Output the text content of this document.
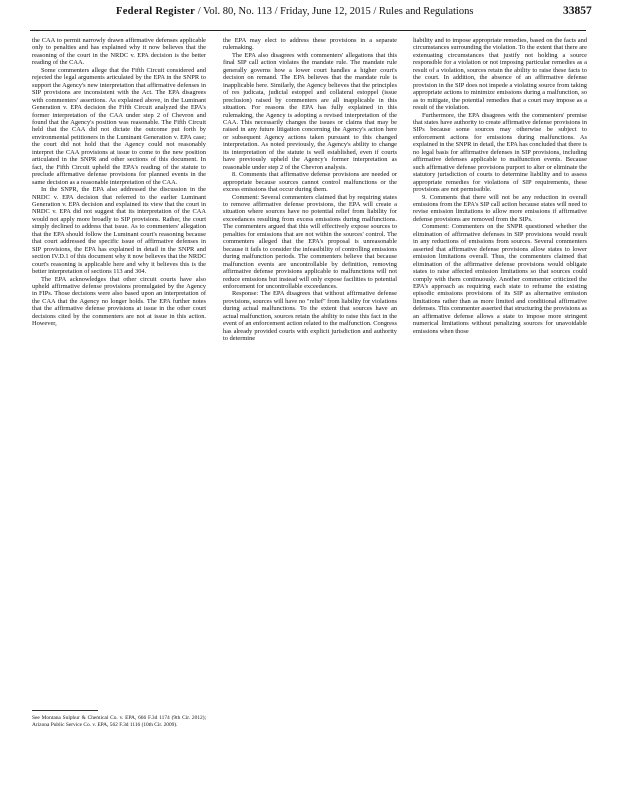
Federal Register / Vol. 80, No. 113 / Friday, June 12, 2015 / Rules and Regulations	33857

the CAA to permit narrowly drawn affirmative defenses applicable only to penalties and has explained why it now believes that the reasoning of the court in the NRDC v. EPA decision is the better reading of the CAA.

Some commenters allege that the Fifth Circuit considered and rejected the legal arguments articulated by the EPA in the SNPR to support the Agency's new interpretation that affirmative defenses in SIP provisions are inconsistent with the Act. The EPA disagrees with commenters' assertions. As explained above, in the Luminant Generation v. EPA decision the Fifth Circuit analyzed the EPA's former interpretation of the CAA under step 2 of Chevron and found that the Agency's position was reasonable. The Fifth Circuit held that the CAA did not dictate the outcome put forth by environmental petitioners in the Luminant Generation v. EPA case; the court did not hold that the Agency could not reasonably interpret the CAA provisions at issue to come to the new position articulated in the SNPR and other sections of this document. In fact, the Fifth Circuit upheld the EPA's reading of the statute to preclude affirmative defense provisions for planned events in the same decision as a reasonable interpretation of the CAA.

In the SNPR, the EPA also addressed the discussion in the NRDC v. EPA decision that referred to the earlier Luminant Generation v. EPA decision and explained its view that the court in NRDC v. EPA did not suggest that its interpretation of the CAA would not apply more broadly to SIP provisions. Rather, the court simply declined to address that issue. As to commenters' allegation that the EPA should follow the Luminant court's reasoning because that court addressed the specific issue of affirmative defenses in SIP provisions, the EPA has explained in detail in the SNPR and section IV.D.1 of this document why it now believes that the NRDC court's reasoning is applicable here and why it believes this is the better interpretation of sections 113 and 304.

The EPA acknowledges that other circuit courts have also upheld affirmative defense provisions promulgated by the Agency in FIPs. Those decisions were also based upon an interpretation of the CAA that the Agency no longer holds. The EPA further notes that the affirmative defense provisions at issue in the other court decisions cited by the commenters are not at issue in this action. However,

the EPA may elect to address these provisions in a separate rulemaking.

The EPA also disagrees with commenters' allegations that this final SIP call action violates the mandate rule. The mandate rule generally governs how a lower court handles a higher court's decision on remand. The EPA believes that the mandate rule is inapplicable here. Similarly, the Agency believes that the principles of res judicata, judicial estoppel and collateral estoppel (issue preclusion) raised by commenters are all inapplicable in this situation. For reasons the EPA has fully explained in this rulemaking, the Agency is adopting a revised interpretation of the CAA. This necessarily changes the issues or claims that may be raised in any future litigation concerning the Agency's action here or subsequent Agency actions taken pursuant to this changed interpretation. As noted previously, the Agency's ability to change its interpretation of the statute is well established, even if courts have previously upheld the Agency's former interpretation as reasonable under step 2 of the Chevron analysis.

8. Comments that affirmative defense provisions are needed or appropriate because sources cannot control malfunctions or the excess emissions that occur during them.

Comment: Several commenters claimed that by requiring states to remove affirmative defense provisions, the EPA will create a situation where sources have no potential relief from liability for exceedances resulting from excess emissions during malfunctions. The commenters argued that this will effectively expose sources to penalties for emissions that are not within the sources' control. The commenters alleged that the EPA's proposal is unreasonable because it fails to consider the infeasibility of controlling emissions during malfunction periods. The commenters believe that because malfunction events are uncontrollable by definition, removing affirmative defense provisions applicable to malfunctions will not reduce emissions but instead will only expose facilities to potential enforcement for uncontrollable exceedances.

Response: The EPA disagrees that without affirmative defense provisions, sources will have no "relief" from liability for violations during actual malfunctions. To the extent that sources have an actual malfunction, sources retain the ability to raise this fact in the event of an enforcement action related to the malfunction. Congress has already provided courts with explicit jurisdiction and authority to determine

liability and to impose appropriate remedies, based on the facts and circumstances surrounding the violation. To the extent that there are extenuating circumstances that justify not holding a source responsible for a violation or not imposing particular remedies as a result of a violation, sources retain the ability to raise these facts to the court. In addition, the absence of an affirmative defense provision in the SIP does not impede a violating source from taking appropriate actions to minimize emissions during a malfunction, so as to mitigate, the potential remedies that a court may impose as a result of the violation.

Furthermore, the EPA disagrees with the commenters' premise that states have authority to create affirmative defense provisions in SIPs because some sources may otherwise be subject to enforcement actions for emissions during malfunctions. As explained in the SNPR in detail, the EPA has concluded that there is no legal basis for affirmative defenses in SIP provisions, including affirmative defenses applicable to malfunction events. Because such affirmative defense provisions purport to alter or eliminate the statutory jurisdiction of courts to determine liability and to assess appropriate remedies for violations of SIP requirements, these provisions are not permissible.

9. Comments that there will not be any reduction in overall emissions from the EPA's SIP call action because states will need to revise emission limitations to allow more emissions if affirmative defense provisions are removed from the SIPs.

Comment: Commenters on the SNPR questioned whether the elimination of affirmative defenses in SIP provisions would result in any reductions of emissions from sources. Several commenters asserted that affirmative defense provisions allow states to lower emission limitations overall. Thus, the commenters claimed that elimination of the affirmative defense provisions would obligate states to raise affected emission limitations so that sources could comply with them continuously. Another commenter criticized the EPA's approach as requiring each state to reframe the existing episodic emissions provisions of its SIP as alternative emission limitations rather than as more limited and conditional affirmative defenses. This commenter asserted that structuring the provisions as an affirmative defense allows a state to impose more stringent numerical limitations without penalizing sources for unavoidable emissions when those

See Montana Sulphur & Chemical Co. v. EPA, 666 F.3d 1174 (9th Cir. 2012); Arizona Public Service Co. v. EPA, 562 F.3d 1116 (10th Cir. 2009).
